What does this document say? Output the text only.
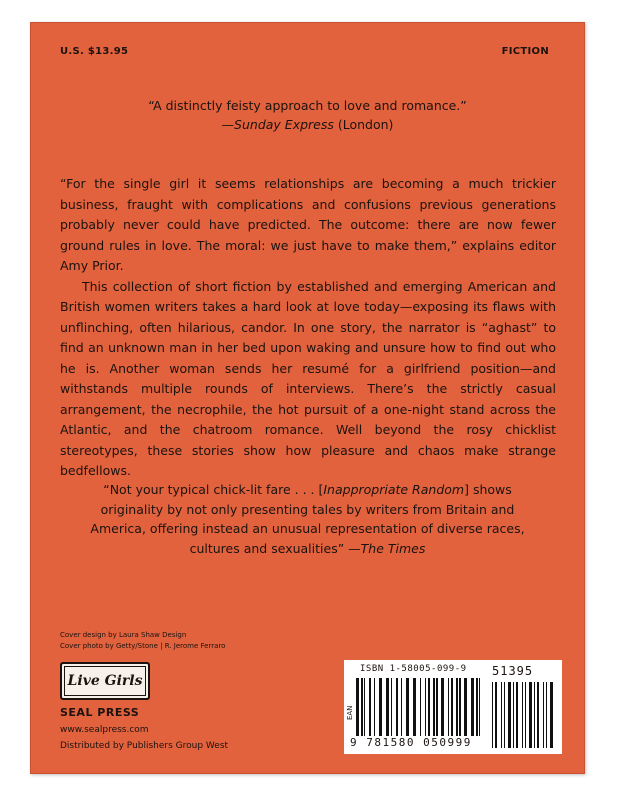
U.S. $13.95	FICTION
“A distinctly feisty approach to love and romance.”
—Sunday Express (London)

“For the single girl it seems relationships are becoming a much trickier business, fraught with complications and confusions previous generations probably never could have predicted. The outcome: there are now fewer ground rules in love. The moral: we just have to make them,” explains editor Amy Prior.

This collection of short fiction by established and emerging American and British women writers takes a hard look at love today—exposing its flaws with unflinching, often hilarious, candor. In one story, the narrator is “aghast” to find an unknown man in her bed upon waking and unsure how to find out who he is. Another woman sends her resumé for a girlfriend position—and withstands multiple rounds of interviews. There’s the strictly casual arrangement, the necrophile, the hot pursuit of a one-night stand across the Atlantic, and the chatroom romance. Well beyond the rosy chicklist stereotypes, these stories show how pleasure and chaos make strange bedfellows.

“Not your typical chick-lit fare . . . [Inappropriate Random] shows
originality by not only presenting tales by writers from Britain and
America, offering instead an unusual representation of diverse races,
cultures and sexualities” —The Times
Cover design by Laura Shaw Design
Cover photo by Getty/Stone | R. Jerome Ferraro
Live Girls
SEAL PRESS
www.sealpress.com
Distributed by Publishers Group West
EAN
ISBN 1-58005-099-9 51395
9 781580 050999
